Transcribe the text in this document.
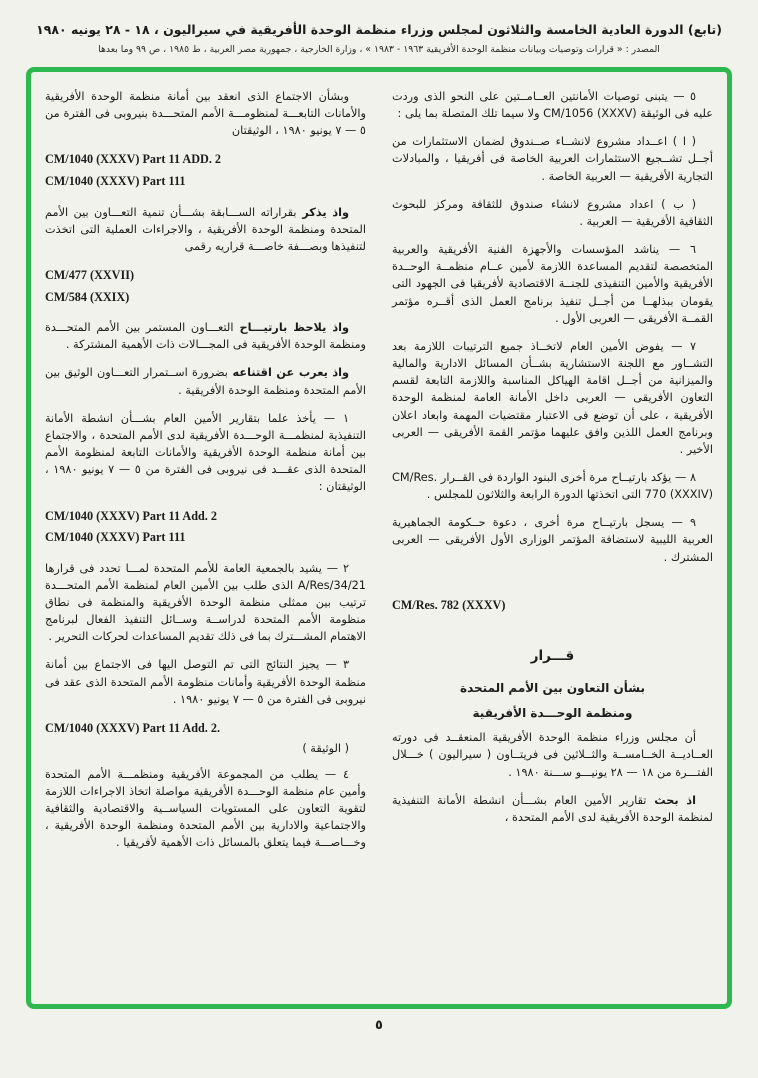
(تابع) الدورة العادية الخامسة والثلاثون لمجلس وزراء منظمة الوحدة الأفريقية في سيراليون ، ١٨ - ٢٨ يونيه ١٩٨٠
المصدر : « قرارات وتوصيات وبيانات منظمة الوحدة الأفريقية ١٩٦٣ - ١٩٨٣ » ، وزارة الخارجية ، جمهورية مصر العربية ، ط ١٩٨٥ ، ص ٩٩ وما بعدها
٥ — يتبنى توصيات الأمانتين العــامــتين على النحو الذى وردت عليه فى الوثيقة CM/1056 (XXXV) ولا سيما تلك المتصلة بما يلى :
( ا ) اعــداد مشروع لانشــاء صــندوق لضمان الاستثمارات من أجــل تشــجيع الاستثمارات العربية الخاصة فى أفريقيا ، والمبادلات التجارية الأفريقية — العربية الخاصة .
( ب ) اعداد مشروع لانشاء صندوق للثقافة ومركز للبحوث الثقافية الأفريقية — العربية .
٦ — يناشد المؤسسات والأجهزة الفنية الأفريقية والعربية المتخصصة لتقديم المساعدة اللازمة لأمين عــام منظمــة الوحــدة الأفريقية والأمين التنفيذى للجنــة الاقتصادية لأفريقيا فى الجهود التى يقومان ببذلهــا من أجــل تنفيذ برنامج العمل الذى أقــره مؤتمر القمــة الأفريقى — العربى الأول .
٧ — يفوض الأمين العام لاتخــاذ جميع الترتيبات اللازمة بعد التشــاور مع اللجنة الاستشارية بشــأن المسائل الادارية والمالية والميزانية من أجــل اقامة الهياكل المناسبة واللازمة التابعة لقسم التعاون الأفريقى — العربى داخل الأمانة العامة لمنظمة الوحدة الأفريقية ، على أن توضع فى الاعتبار مقتضيات المهمة وابعاد اعلان وبرنامج العمل اللذين وافق عليهما مؤتمر القمة الأفريقى — العربى الأخير .
٨ — يؤكد بارتيــاح مرة أخرى البنود الواردة فى القــرار CM/Res. 770 (XXXIV) التى اتخذتها الدورة الرابعة والثلاثون للمجلس .
٩ — يسجل بارتيــاح مرة أخرى ، دعوة حــكومة الجماهيرية العربية الليبية لاستضافة المؤتمر الوزارى الأول الأفريقى — العربى المشترك .
CM/Res. 782 (XXXV)
قـــرار
بشأن التعاون بين الأمم المتحدة
ومنظمة الوحـــدة الأفريقية
أن مجلس وزراء منظمة الوحدة الأفريقية المنعقــد فى دورته العــاديــة الخــامســة والثــلاثين فى فريتــاون ( سيراليون ) خـــلال الفتـــرة من ١٨ — ٢٨ يونيـــو ســـنة ١٩٨٠ .
اذ بحث تقارير الأمين العام بشـــأن انشطة الأمانة التنفيذية لمنظمة الوحدة الأفريقية لدى الأمم المتحدة ،
وبشأن الاجتماع الذى انعقد بين أمانة منظمة الوحدة الأفريقية والأمانات التابعـــة لمنظومـــة الأمم المتحـــدة بنيروبى فى الفترة من ٥ — ٧ يونيو ١٩٨٠ ، الوثيقتان
CM/1040 (XXXV) Part 11 ADD. 2
CM/1040 (XXXV) Part 111
واذ يذكر بقراراته الســـابقة بشـــأن تنمية التعـــاون بين الأمم المتحدة ومنظمة الوحدة الأفريقية ، والاجراءات العملية التى اتخذت لتنفيذها وبصـــفة خاصـــة قراريه رقمى
CM/477 (XXVII)
CM/584 (XXIX)
واذ يلاحظ بارتيـــاح التعـــاون المستمر بين الأمم المتحـــدة ومنظمة الوحدة الأفريقية فى المجـــالات ذات الأهمية المشتركة .
واذ يعرب عن اقتناعه بضرورة اســتمرار التعـــاون الوثيق بين الأمم المتحدة ومنظمة الوحدة الأفريقية .
١ — يأخذ علما بتقارير الأمين العام بشـــأن انشطة الأمانة التنفيذية لمنظمـــة الوحـــدة الأفريقية لدى الأمم المتحدة ، والاجتماع بين أمانة منظمة الوحدة الأفريقية والأمانات التابعة لمنظومة الأمم المتحدة الذى عقـــد فى نيروبى فى الفترة من ٥ — ٧ يونيو ١٩٨٠ ، الوثيقتان :
CM/1040 (XXXV) Part 11 Add. 2
CM/1040 (XXXV) Part 111
٢ — يشيد بالجمعية العامة للأمم المتحدة لمـــا تحدد فى قرارها A/Res/34/21 الذى طلب بين الأمين العام لمنظمة الأمم المتحـــدة ترتيب بين ممثلى منظمة الوحدة الأفريقية والمنظمة فى نطاق منظومة الأمم المتحدة لدراســة وســائل التنفيذ الفعال لبرنامج الاهتمام المشـــترك بما فى ذلك تقديم المساعدات لحركات التحرير .
٣ — يجيز النتائج التى تم التوصل اليها فى الاجتماع بين أمانة منظمة الوحدة الأفريقية وأمانات منظومة الأمم المتحدة الذى عقد فى نيروبى فى الفترة من ٥ — ٧ يونيو ١٩٨٠ .
CM/1040 (XXXV) Part 11 Add. 2.
( الوثيقة )
٤ — يطلب من المجموعة الأفريقية ومنظمـــة الأمم المتحدة وأمين عام منظمة الوحـــدة الأفريقية مواصلة اتخاذ الاجراءات اللازمة لتقوية التعاون على المستويات السياســية والاقتصادية والثقافية والاجتماعية والادارية بين الأمم المتحدة ومنظمة الوحدة الأفريقية ، وخـــاصـــة فيما يتعلق بالمسائل ذات الأهمية لأفريقيا .
٥
